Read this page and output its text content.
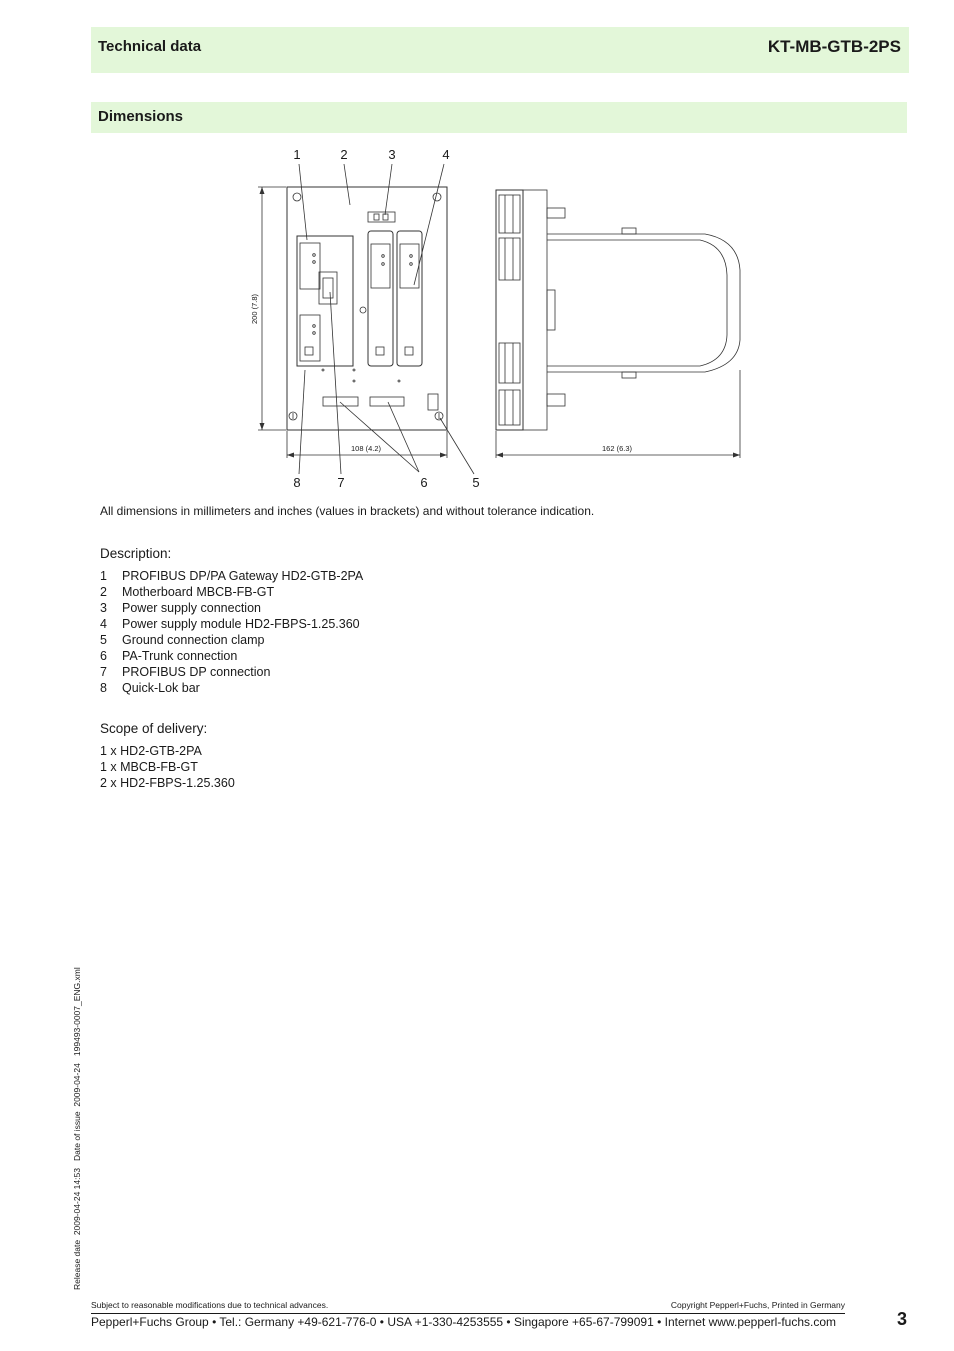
Technical data	KT-MB-GTB-2PS
Dimensions
1	2	3	4
8	7	6	5
200 (7.8)
108 (4.2)	162 (6.3)
All dimensions in millimeters and inches (values in brackets) and without tolerance indication.
Description:
1 PROFIBUS DP/PA Gateway HD2-GTB-2PA
2 Motherboard MBCB-FB-GT
3 Power supply connection
4 Power supply module HD2-FBPS-1.25.360
5 Ground connection clamp
6 PA-Trunk connection
7 PROFIBUS DP connection
8 Quick-Lok bar
Scope of delivery:
1 x HD2-GTB-2PA
1 x MBCB-FB-GT
2 x HD2-FBPS-1.25.360
Release date  2009-04-24 14:53   Date of issue  2009-04-24   199493-0007_ENG.xml
Subject to reasonable modifications due to technical advances.	Copyright Pepperl+Fuchs, Printed in Germany
Pepperl+Fuchs Group • Tel.: Germany +49-621-776-0 • USA +1-330-4253555 • Singapore +65-67-799091 • Internet www.pepperl-fuchs.com	3
